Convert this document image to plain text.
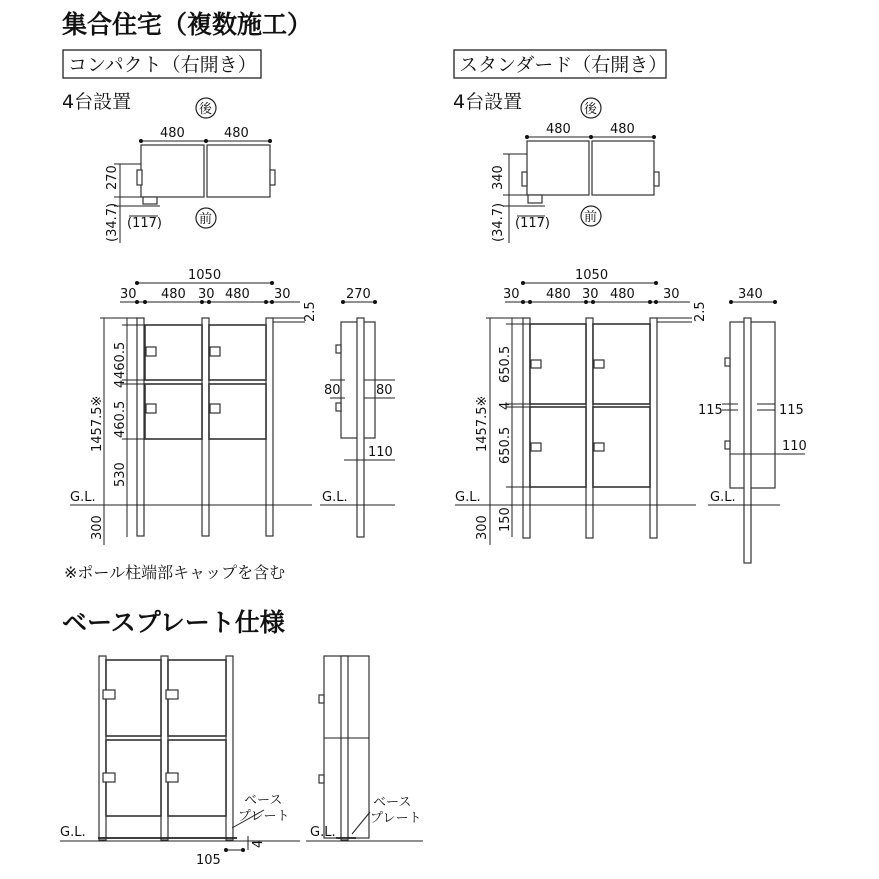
集合住宅（複数施工）
コンパクト（右開き）
4台設置
スタンダード（右開き）
4台設置
後
480	480
270
(34.7) (117)	前
後
480	480
340
(34.7) (117)	前
1050
30 480 30 480 30
2.5
460.5
4
460.5
530
1457.5※
G.L.
300
270
80	80
110
G.L.
※ポール柱端部キャップを含む
1050
30 480 30 480 30
2.5
650.5
4
650.5
1457.5※
G.L.
300 150
340
115	115
110
G.L.
ベースプレート仕様
G.L.
ベース
プレート
105
4
G.L.
ベース
プレート
